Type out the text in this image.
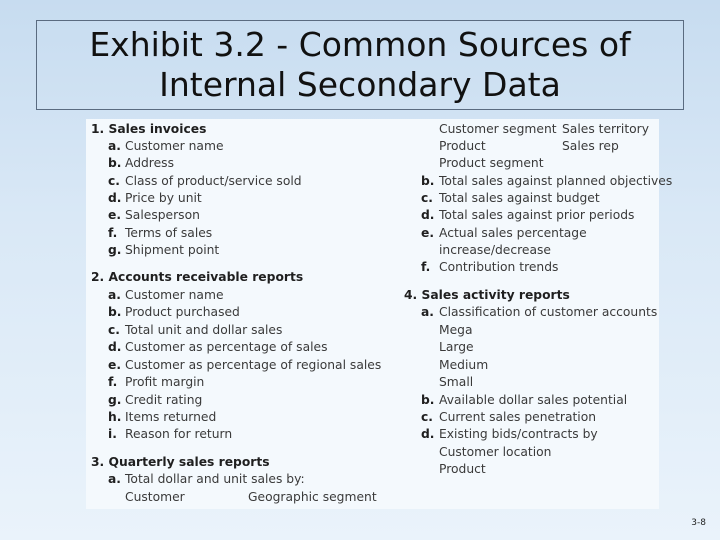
Exhibit 3.2 - Common Sources of
Internal Secondary Data
1. Sales invoices
a. Customer name
b. Address
c. Class of product/service sold
d. Price by unit
e. Salesperson
f. Terms of sales
g. Shipment point
2. Accounts receivable reports
a. Customer name
b. Product purchased
c. Total unit and dollar sales
d. Customer as percentage of sales
e. Customer as percentage of regional sales
f. Profit margin
g. Credit rating
h. Items returned
i. Reason for return
3. Quarterly sales reports
a. Total dollar and unit sales by:
Customer	Geographic segment
Customer segment Sales territory
Product	Sales rep
Product segment
b. Total sales against planned objectives
c. Total sales against budget
d. Total sales against prior periods
e. Actual sales percentage
increase/decrease
f. Contribution trends
4. Sales activity reports
a. Classification of customer accounts
Mega
Large
Medium
Small
b. Available dollar sales potential
c. Current sales penetration
d. Existing bids/contracts by
Customer location
Product
3-8
